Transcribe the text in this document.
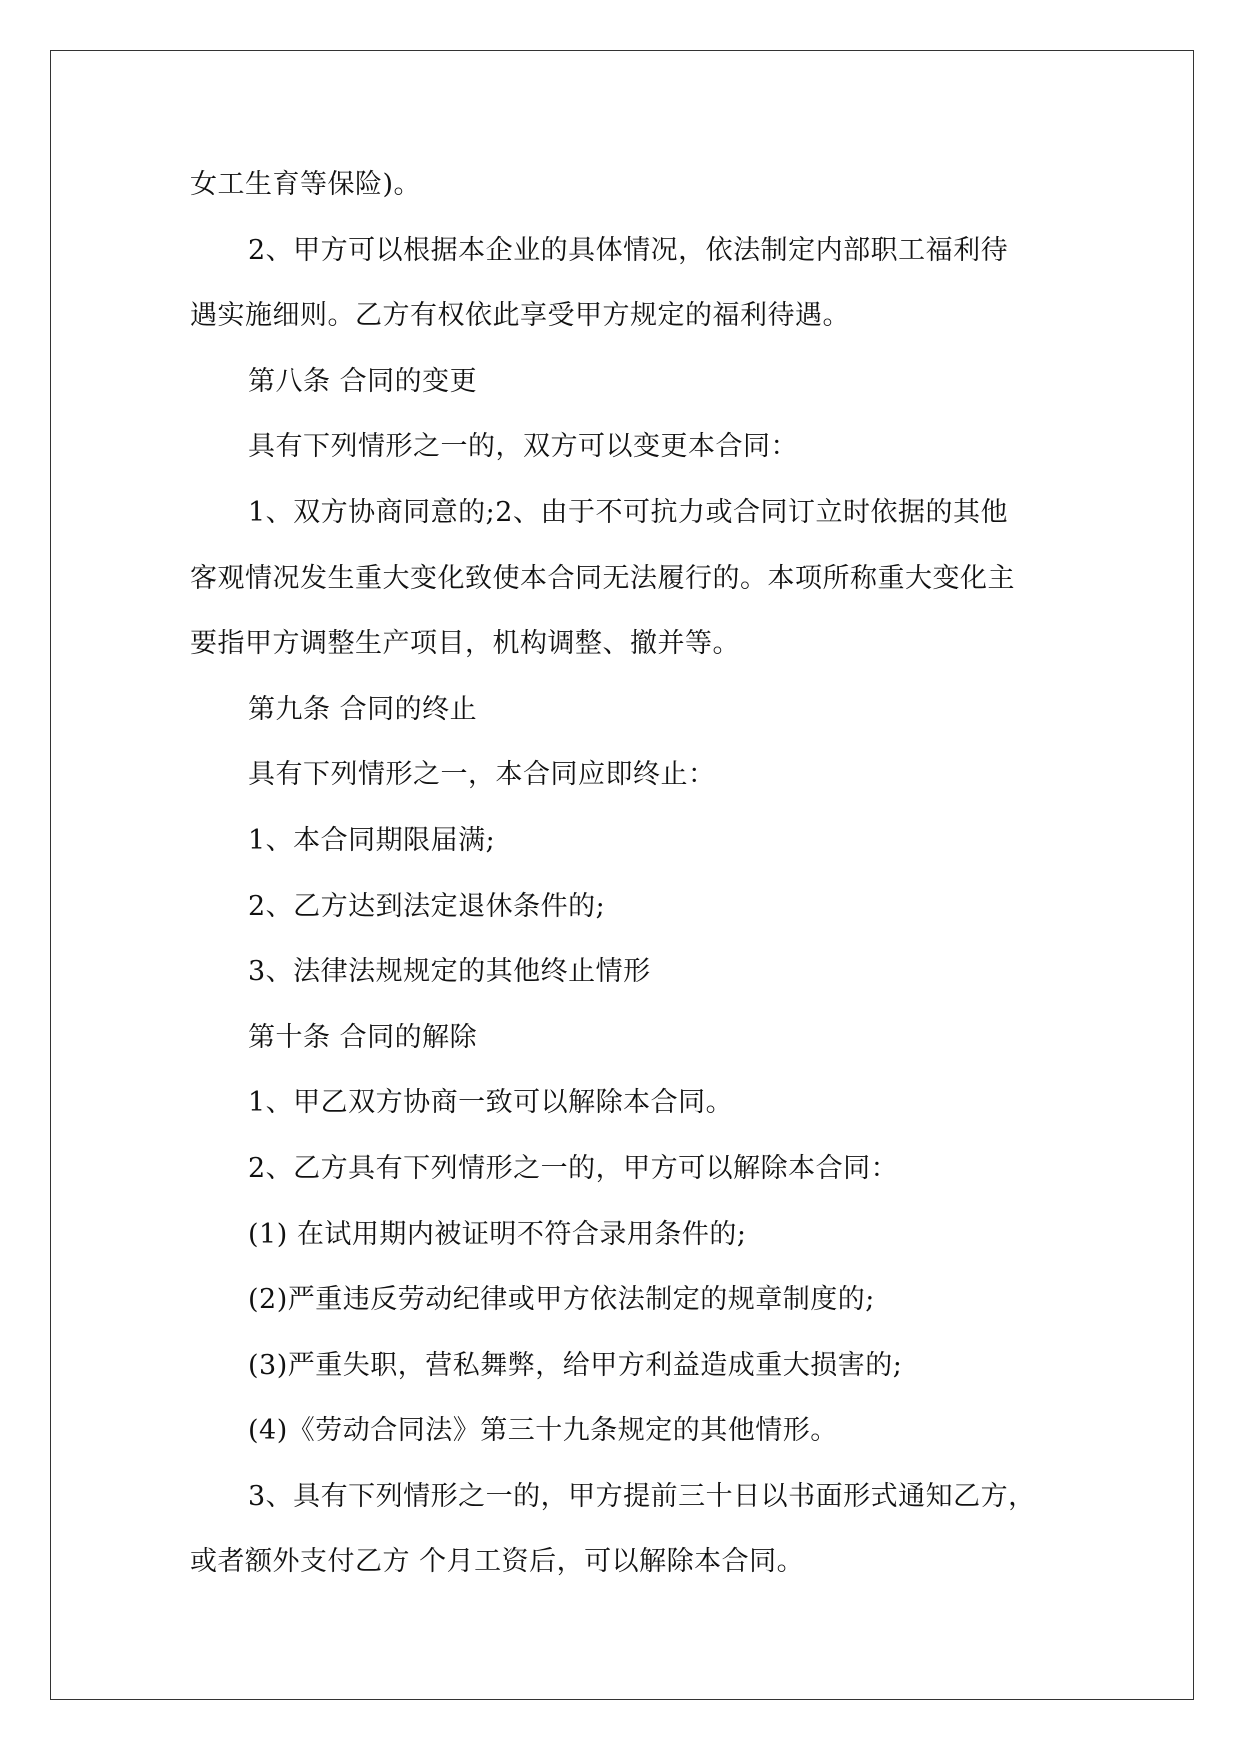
女工生育等保险)。
2、甲方可以根据本企业的具体情况，依法制定内部职工福利待
遇实施细则。乙方有权依此享受甲方规定的福利待遇。
第八条 合同的变更
具有下列情形之一的，双方可以变更本合同：
1、双方协商同意的;2、由于不可抗力或合同订立时依据的其他
客观情况发生重大变化致使本合同无法履行的。本项所称重大变化主
要指甲方调整生产项目，机构调整、撤并等。
第九条 合同的终止
具有下列情形之一，本合同应即终止：
1、本合同期限届满;
2、乙方达到法定退休条件的;
3、法律法规规定的其他终止情形
第十条 合同的解除
1、甲乙双方协商一致可以解除本合同。
2、乙方具有下列情形之一的，甲方可以解除本合同：
(1) 在试用期内被证明不符合录用条件的;
(2)严重违反劳动纪律或甲方依法制定的规章制度的;
(3)严重失职，营私舞弊，给甲方利益造成重大损害的;
(4)《劳动合同法》第三十九条规定的其他情形。
3、具有下列情形之一的，甲方提前三十日以书面形式通知乙方，
或者额外支付乙方 个月工资后，可以解除本合同。
